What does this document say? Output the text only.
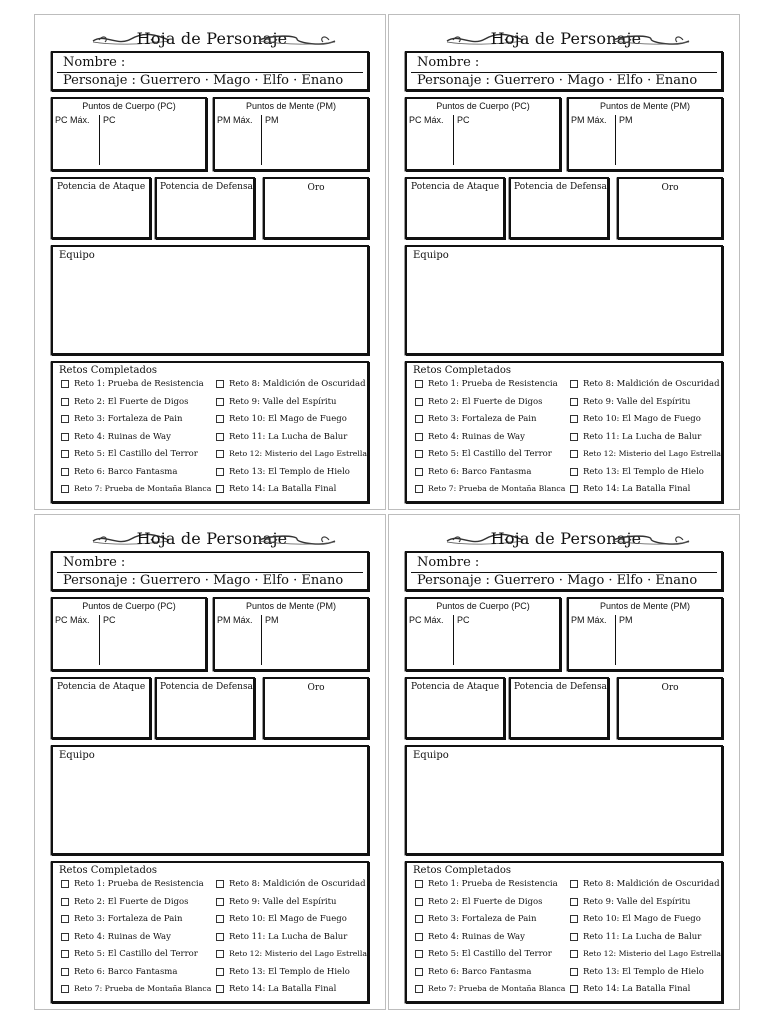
Hoja de Personaje
Nombre :
Personaje : Guerrero · Mago · Elfo · Enano
Puntos de Cuerpo (PC)
PC Máx. PC
Puntos de Mente (PM)
PM Máx. PM
Potencia de Ataque Potencia de Defensa	Oro
Equipo
Retos Completados
Reto 1: Prueba de Resistencia
Reto 2: El Fuerte de Digos
Reto 3: Fortaleza de Pain
Reto 4: Ruinas de Way
Reto 5: El Castillo del Terror
Reto 6: Barco Fantasma
Reto 7: Prueba de Montaña Blanca
Reto 8: Maldición de Oscuridad
Reto 9: Valle del Espíritu
Reto 10: El Mago de Fuego
Reto 11: La Lucha de Balur
Reto 12: Misterio del Lago Estrella
Reto 13: El Templo de Hielo
Reto 14: La Batalla Final
Hoja de Personaje
Nombre :
Personaje : Guerrero · Mago · Elfo · Enano
Puntos de Cuerpo (PC)
PC Máx. PC
Puntos de Mente (PM)
PM Máx. PM
Potencia de Ataque Potencia de Defensa	Oro
Equipo
Retos Completados
Reto 1: Prueba de Resistencia
Reto 2: El Fuerte de Digos
Reto 3: Fortaleza de Pain
Reto 4: Ruinas de Way
Reto 5: El Castillo del Terror
Reto 6: Barco Fantasma
Reto 7: Prueba de Montaña Blanca
Reto 8: Maldición de Oscuridad
Reto 9: Valle del Espíritu
Reto 10: El Mago de Fuego
Reto 11: La Lucha de Balur
Reto 12: Misterio del Lago Estrella
Reto 13: El Templo de Hielo
Reto 14: La Batalla Final
Hoja de Personaje
Nombre :
Personaje : Guerrero · Mago · Elfo · Enano
Puntos de Cuerpo (PC)
PC Máx. PC
Puntos de Mente (PM)
PM Máx. PM
Potencia de Ataque Potencia de Defensa	Oro
Equipo
Retos Completados
Reto 1: Prueba de Resistencia
Reto 2: El Fuerte de Digos
Reto 3: Fortaleza de Pain
Reto 4: Ruinas de Way
Reto 5: El Castillo del Terror
Reto 6: Barco Fantasma
Reto 7: Prueba de Montaña Blanca
Reto 8: Maldición de Oscuridad
Reto 9: Valle del Espíritu
Reto 10: El Mago de Fuego
Reto 11: La Lucha de Balur
Reto 12: Misterio del Lago Estrella
Reto 13: El Templo de Hielo
Reto 14: La Batalla Final
Hoja de Personaje
Nombre :
Personaje : Guerrero · Mago · Elfo · Enano
Puntos de Cuerpo (PC)
PC Máx. PC
Puntos de Mente (PM)
PM Máx. PM
Potencia de Ataque Potencia de Defensa	Oro
Equipo
Retos Completados
Reto 1: Prueba de Resistencia
Reto 2: El Fuerte de Digos
Reto 3: Fortaleza de Pain
Reto 4: Ruinas de Way
Reto 5: El Castillo del Terror
Reto 6: Barco Fantasma
Reto 7: Prueba de Montaña Blanca
Reto 8: Maldición de Oscuridad
Reto 9: Valle del Espíritu
Reto 10: El Mago de Fuego
Reto 11: La Lucha de Balur
Reto 12: Misterio del Lago Estrella
Reto 13: El Templo de Hielo
Reto 14: La Batalla Final
